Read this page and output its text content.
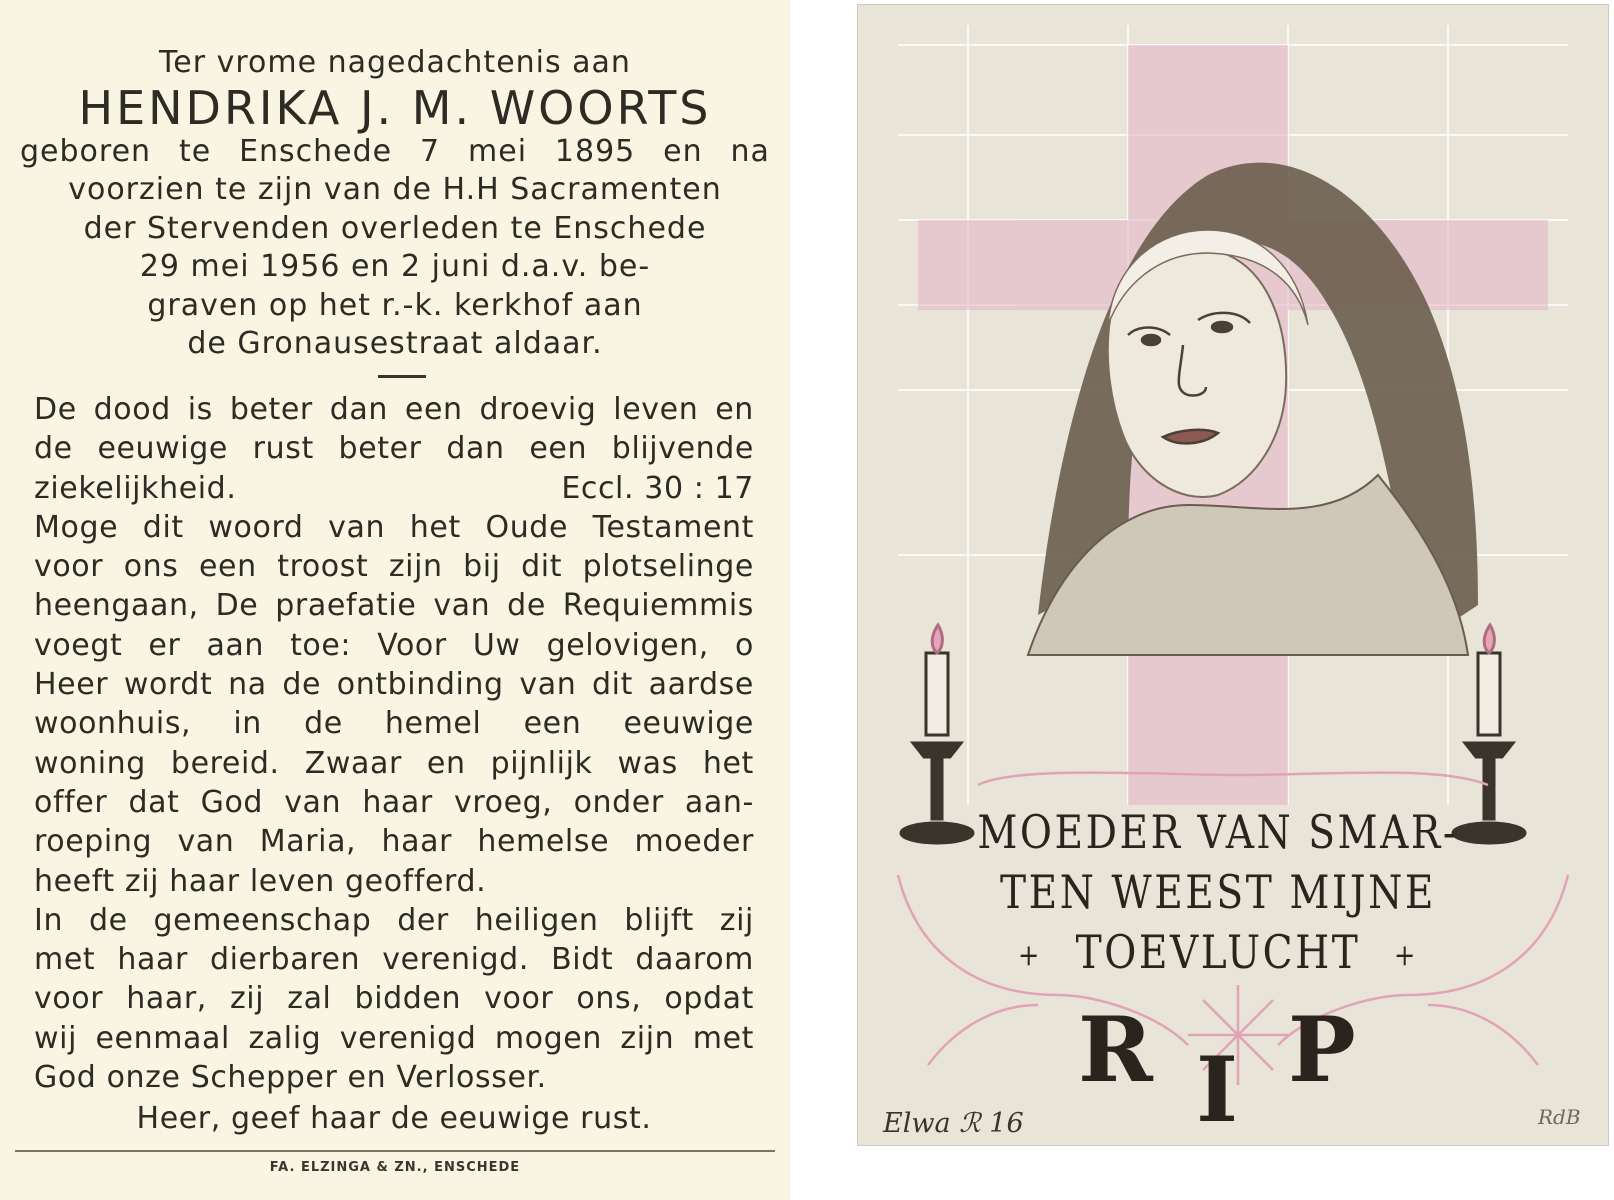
Ter vrome nagedachtenis aan
HENDRIKA J. M. WOORTS
geboren te Enschede 7 mei 1895 en na
voorzien te zijn van de H.H Sacramenten
der Stervenden overleden te Enschede
29 mei 1956 en 2 juni d.a.v. be-
graven op het r.-k. kerkhof aan
de Gronausestraat aldaar.
De dood is beter dan een droevig leven en
de eeuwige rust beter dan een blijvende
ziekelijkheid.	Eccl. 30 : 17
Moge dit woord van het Oude Testament
voor ons een troost zijn bij dit plotselinge
heengaan, De praefatie van de Requiemmis
voegt er aan toe: Voor Uw gelovigen, o
Heer wordt na de ontbinding van dit aardse
woonhuis, in de hemel een eeuwige
woning bereid. Zwaar en pijnlijk was het
offer dat God van haar vroeg, onder aan-
roeping van Maria, haar hemelse moeder
heeft zij haar leven geofferd.
In de gemeenschap der heiligen blijft zij
met haar dierbaren verenigd. Bidt daarom
voor haar, zij zal bidden voor ons, opdat
wij eenmaal zalig verenigd mogen zijn met
God onze Schepper en Verlosser.
Heer, geef haar de eeuwige rust.
FA. ELZINGA & ZN., ENSCHEDE
MOEDER VAN SMAR-
TEN WEEST MIJNE
+ TOEVLUCHT +
R I P
Elwa ℛ 16	RdB
